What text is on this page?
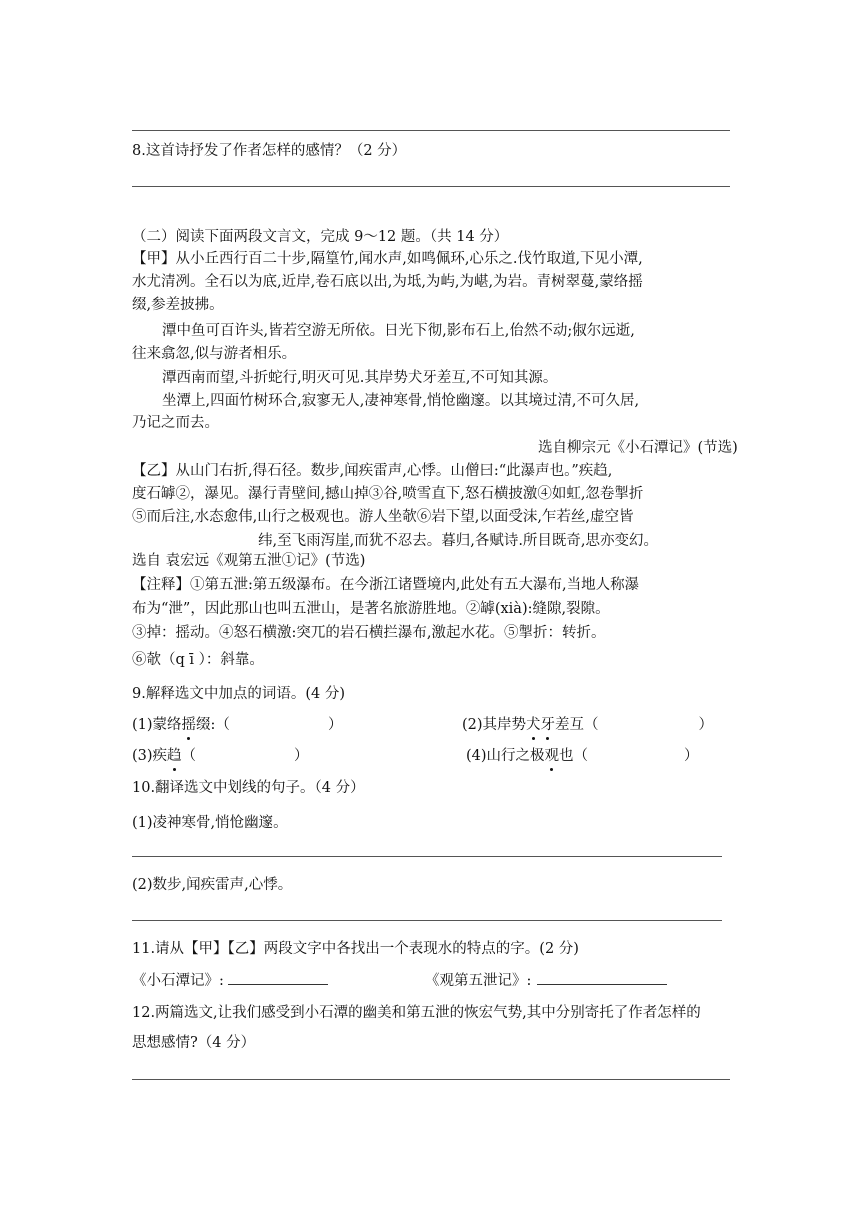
8.这首诗抒发了作者怎样的感情？（2 分）
（二）阅读下面两段文言文，完成 9～12 题。（共 14 分）
【甲】从小丘西行百二十步,隔篁竹,闻水声,如鸣佩环,心乐之.伐竹取道,下见小潭,
水尤清冽。全石以为底,近岸,卷石底以出,为坻,为屿,为嵁,为岩。青树翠蔓,蒙络摇
缀,参差披拂。
潭中鱼可百许头,皆若空游无所依。日光下彻,影布石上,佁然不动;俶尔远逝,
往来翕忽,似与游者相乐。
潭西南而望,斗折蛇行,明灭可见.其岸势犬牙差互,不可知其源。
坐潭上,四面竹树环合,寂寥无人,凄神寒骨,悄怆幽邃。以其境过清,不可久居,
乃记之而去。
选自柳宗元《小石潭记》(节选)
【乙】从山门右折,得石径。数步,闻疾雷声,心悸。山僧曰:“此瀑声也。”疾趋,
度石罅②，瀑见。瀑行青壁间,撼山掉③谷,喷雪直下,怒石横披激④如虹,忽卷掣折
⑤而后注,水态愈伟,山行之极观也。游人坐欹⑥岩下望,以面受沫,乍若丝,虚空皆
纬,至飞雨泻崖,而犹不忍去。暮归,各赋诗.所目既奇,思亦变幻。
选自 袁宏远《观第五泄①记》(节选)
【注释】①第五泄:第五级瀑布。在今浙江诸暨境内,此处有五大瀑布,当地人称瀑
布为“泄”，因此那山也叫五泄山，是著名旅游胜地。②罅(xià):缝隙,裂隙。
③掉：摇动。④怒石横激:突兀的岩石横拦瀑布,激起水花。⑤掣折：转折。
⑥欹（q ī ）：斜靠。
9.解释选文中加点的词语。(4 分)
(1)蒙络摇缀:（	）	(2)其岸势犬牙差互（	）
(3)疾趋（	）	(4)山行之极观也（	）
10.翻译选文中划线的句子。（4 分）
(1)凌神寒骨,悄怆幽邃。
(2)数步,闻疾雷声,心悸。
11.请从【甲】【乙】两段文字中各找出一个表现水的特点的字。(2 分)
《小石潭记》:	《观第五泄记》:
12.两篇选文,让我们感受到小石潭的幽美和第五泄的恢宏气势,其中分别寄托了作者怎样的
思想感情?（4 分）
